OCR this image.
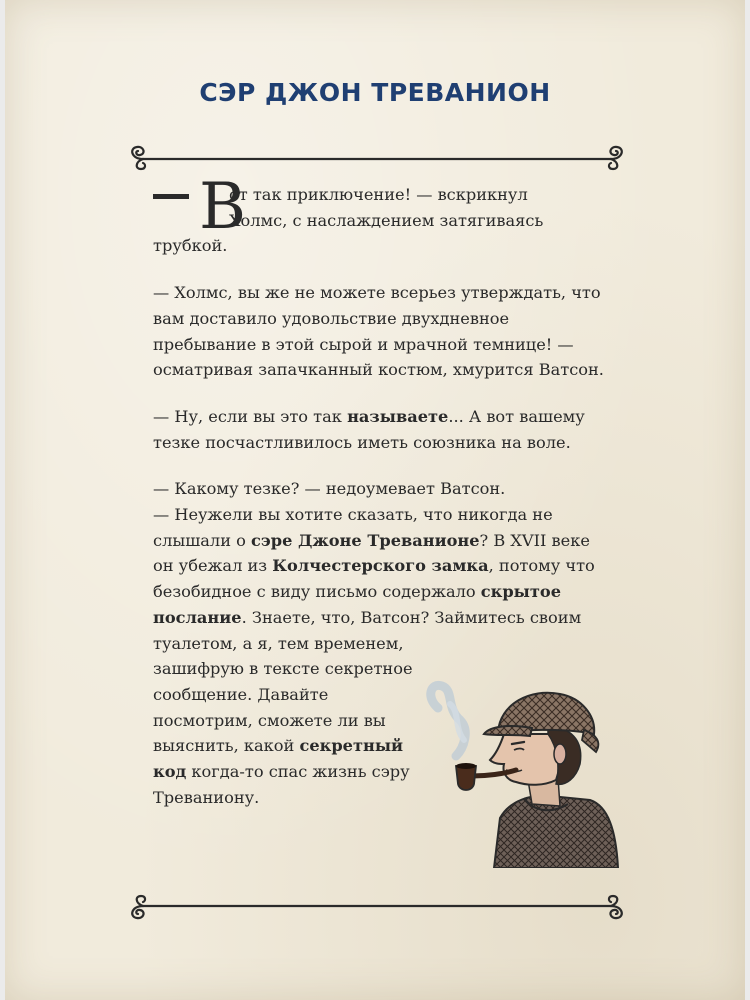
СЭР ДЖОН ТРЕВАНИОН

В
от так приключение! — вскрикнул
Холмс, с наслаждением затягиваясь

трубкой.

— Холмс, вы же не можете всерьез утверждать, что вам доставило удовольствие двухдневное пребывание в этой сырой и мрачной темнице! — осматривая запачканный костюм, хмурится Ватсон.

— Ну, если вы это так называете... А вот вашему тезке посчастливилось иметь союзника на воле.

— Какому тезке? — недоумевает Ватсон.
— Неужели вы хотите сказать, что никогда не слышали о сэре Джоне Треванионе? В XVII веке он убежал из Колчестерского замка, потому что безобидное с виду письмо содержало скрытое послание. Знаете, что, Ватсон? Займитесь своим

туалетом, а я, тем временем, зашифрую в тексте секретное сообщение. Давайте посмотрим, сможете ли вы выяснить, какой секретный код когда-то спас жизнь сэру Треваниону.
